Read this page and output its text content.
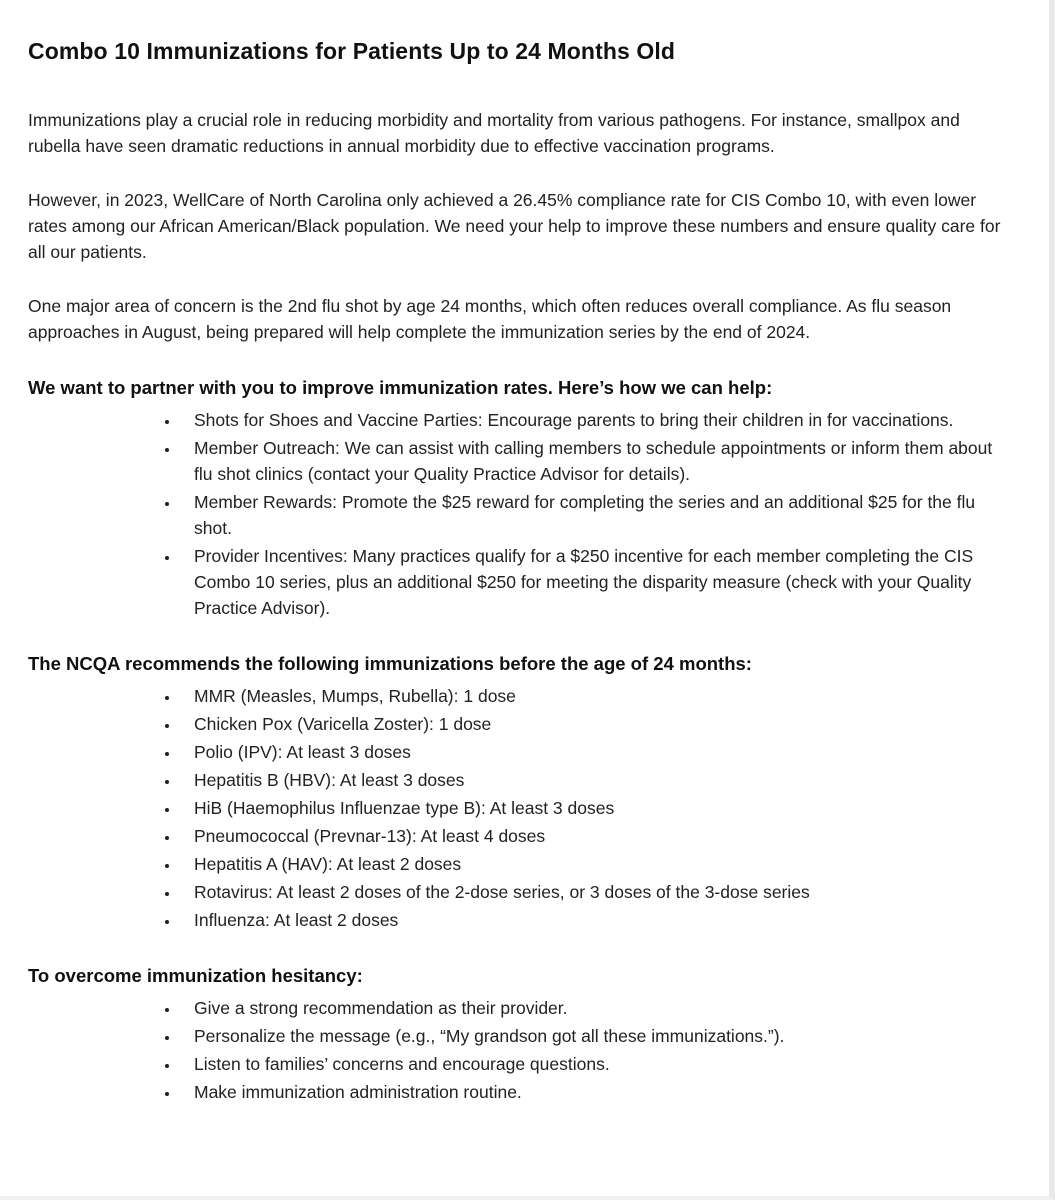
Combo 10 Immunizations for Patients Up to 24 Months Old

Immunizations play a crucial role in reducing morbidity and mortality from various pathogens. For instance, smallpox and rubella have seen dramatic reductions in annual morbidity due to effective vaccination programs.

However, in 2023, WellCare of North Carolina only achieved a 26.45% compliance rate for CIS Combo 10, with even lower rates among our African American/Black population. We need your help to improve these numbers and ensure quality care for all our patients.

One major area of concern is the 2nd flu shot by age 24 months, which often reduces overall compliance. As flu season approaches in August, being prepared will help complete the immunization series by the end of 2024.

We want to partner with you to improve immunization rates. Here’s how we can help:
• Shots for Shoes and Vaccine Parties: Encourage parents to bring their children in for vaccinations.
• Member Outreach: We can assist with calling members to schedule appointments or inform them about flu shot clinics (contact your Quality Practice Advisor for details).
• Member Rewards: Promote the $25 reward for completing the series and an additional $25 for the flu shot.
• Provider Incentives: Many practices qualify for a $250 incentive for each member completing the CIS Combo 10 series, plus an additional $250 for meeting the disparity measure (check with your Quality Practice Advisor).
The NCQA recommends the following immunizations before the age of 24 months:
• MMR (Measles, Mumps, Rubella): 1 dose
• Chicken Pox (Varicella Zoster): 1 dose
• Polio (IPV): At least 3 doses
• Hepatitis B (HBV): At least 3 doses
• HiB (Haemophilus Influenzae type B): At least 3 doses
• Pneumococcal (Prevnar-13): At least 4 doses
• Hepatitis A (HAV): At least 2 doses
• Rotavirus: At least 2 doses of the 2-dose series, or 3 doses of the 3-dose series
• Influenza: At least 2 doses
To overcome immunization hesitancy:
• Give a strong recommendation as their provider.
• Personalize the message (e.g., “My grandson got all these immunizations.”).
• Listen to families’ concerns and encourage questions.
• Make immunization administration routine.
